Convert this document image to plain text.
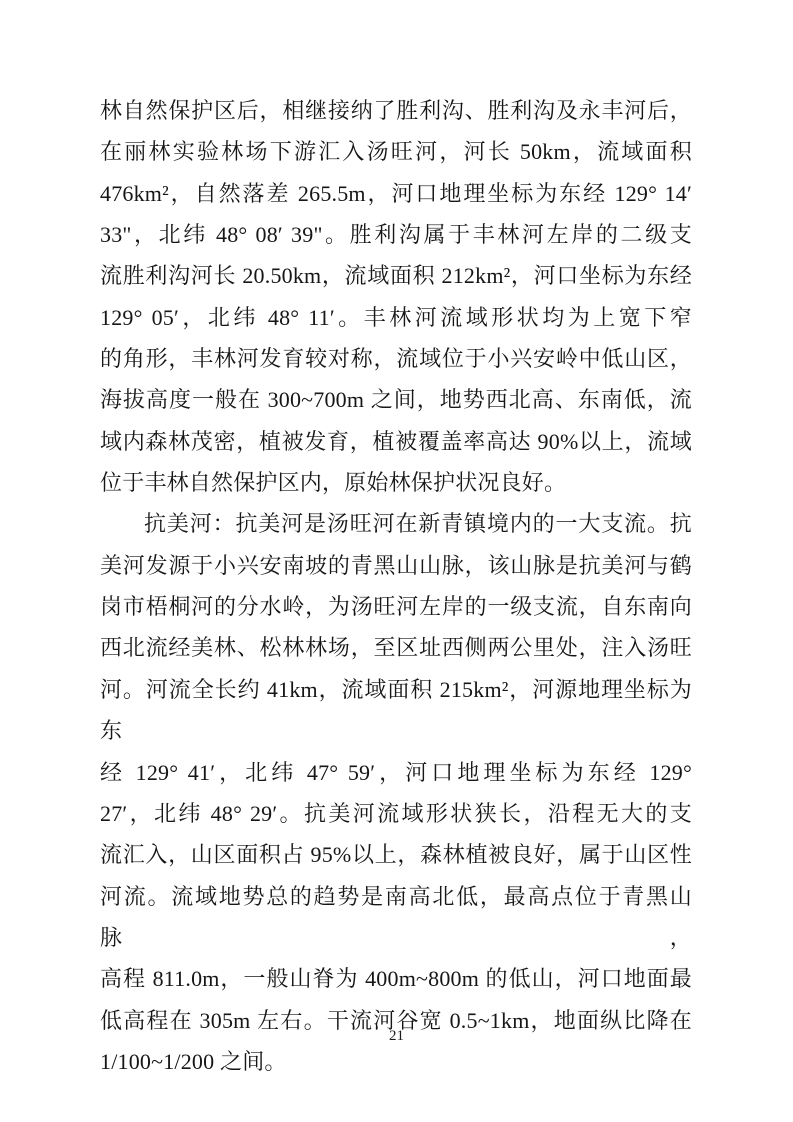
林自然保护区后，相继接纳了胜利沟、胜利沟及永丰河后，
在丽林实验林场下游汇入汤旺河，河长 50km，流域面积
476km²，自然落差 265.5m，河口地理坐标为东经 129° 14′
33"，北纬 48° 08′ 39"。胜利沟属于丰林河左岸的二级支
流胜利沟河长 20.50km，流域面积 212km²，河口坐标为东经
129° 05′，北纬 48° 11′。丰林河流域形状均为上宽下窄
的角形，丰林河发育较对称，流域位于小兴安岭中低山区，
海拔高度一般在 300~700m 之间，地势西北高、东南低，流
域内森林茂密，植被发育，植被覆盖率高达 90%以上，流域
位于丰林自然保护区内，原始林保护状况良好。
抗美河：抗美河是汤旺河在新青镇境内的一大支流。抗
美河发源于小兴安南坡的青黑山山脉，该山脉是抗美河与鹤
岗市梧桐河的分水岭，为汤旺河左岸的一级支流，自东南向
西北流经美林、松林林场，至区址西侧两公里处，注入汤旺
河。河流全长约 41km，流域面积 215km²，河源地理坐标为东
经 129° 41′，北纬 47° 59′，河口地理坐标为东经 129°
27′，北纬 48° 29′。抗美河流域形状狭长，沿程无大的支
流汇入，山区面积占 95%以上，森林植被良好，属于山区性
河流。流域地势总的趋势是南高北低，最高点位于青黑山脉，
高程 811.0m，一般山脊为 400m~800m 的低山，河口地面最
低高程在 305m 左右。干流河谷宽 0.5~1km，地面纵比降在
1/100~1/200 之间。
21
